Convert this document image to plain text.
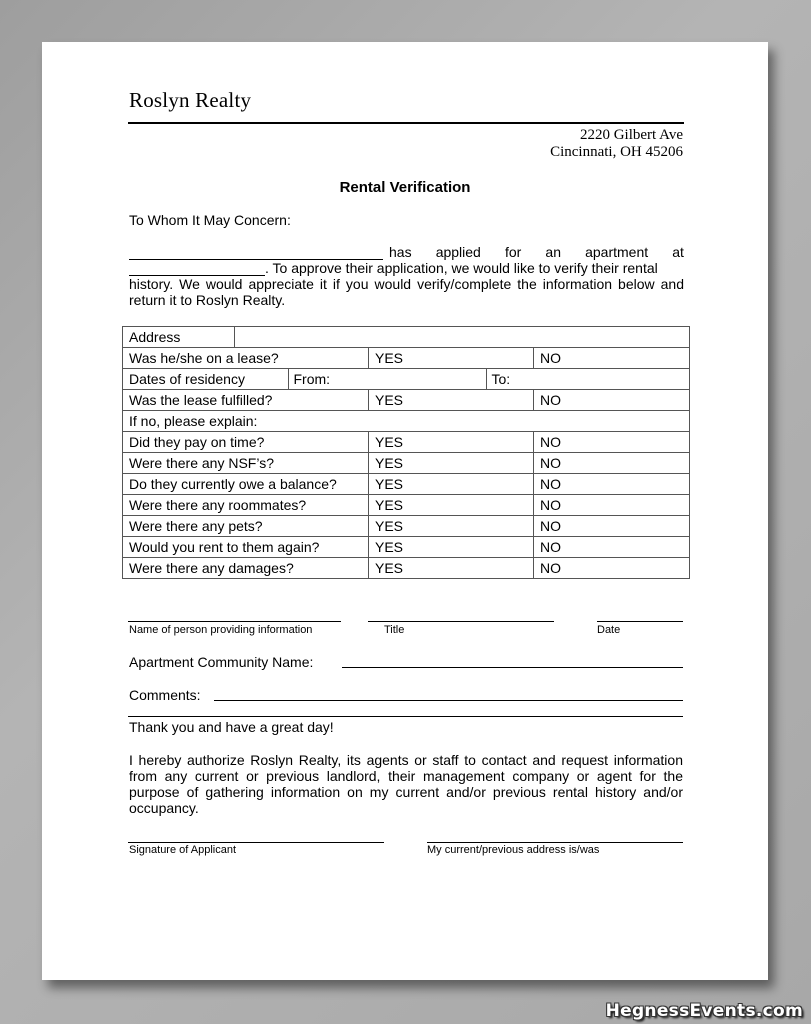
Roslyn Realty
2220 Gilbert Ave
Cincinnati, OH 45206
Rental Verification
To Whom It May Concern:
has applied for an apartment at
. To approve their application, we would like to verify their rental
history. We would appreciate it if you would verify/complete the information below and return it to Roslyn Realty.
Address	

Was he/she on a lease?	YES	NO

Dates of residency	From:	To:

Was the lease fulfilled?	YES	NO
If no, please explain:
Did they pay on time?	YES	NO
Were there any NSF’s?	YES	NO
Do they currently owe a balance?	YES	NO
Were there any roommates?	YES	NO
Were there any pets?	YES	NO
Would you rent to them again?	YES	NO
Were there any damages?	YES	NO
Name of person providing information	Title	Date
Apartment Community Name:
Comments:
Thank you and have a great day!
I hereby authorize Roslyn Realty, its agents or staff to contact and request information from any current or previous landlord, their management company or agent for the purpose of gathering information on my current and/or previous rental history and/or occupancy.
Signature of Applicant	My current/previous address is/was
HegnessEvents.com
